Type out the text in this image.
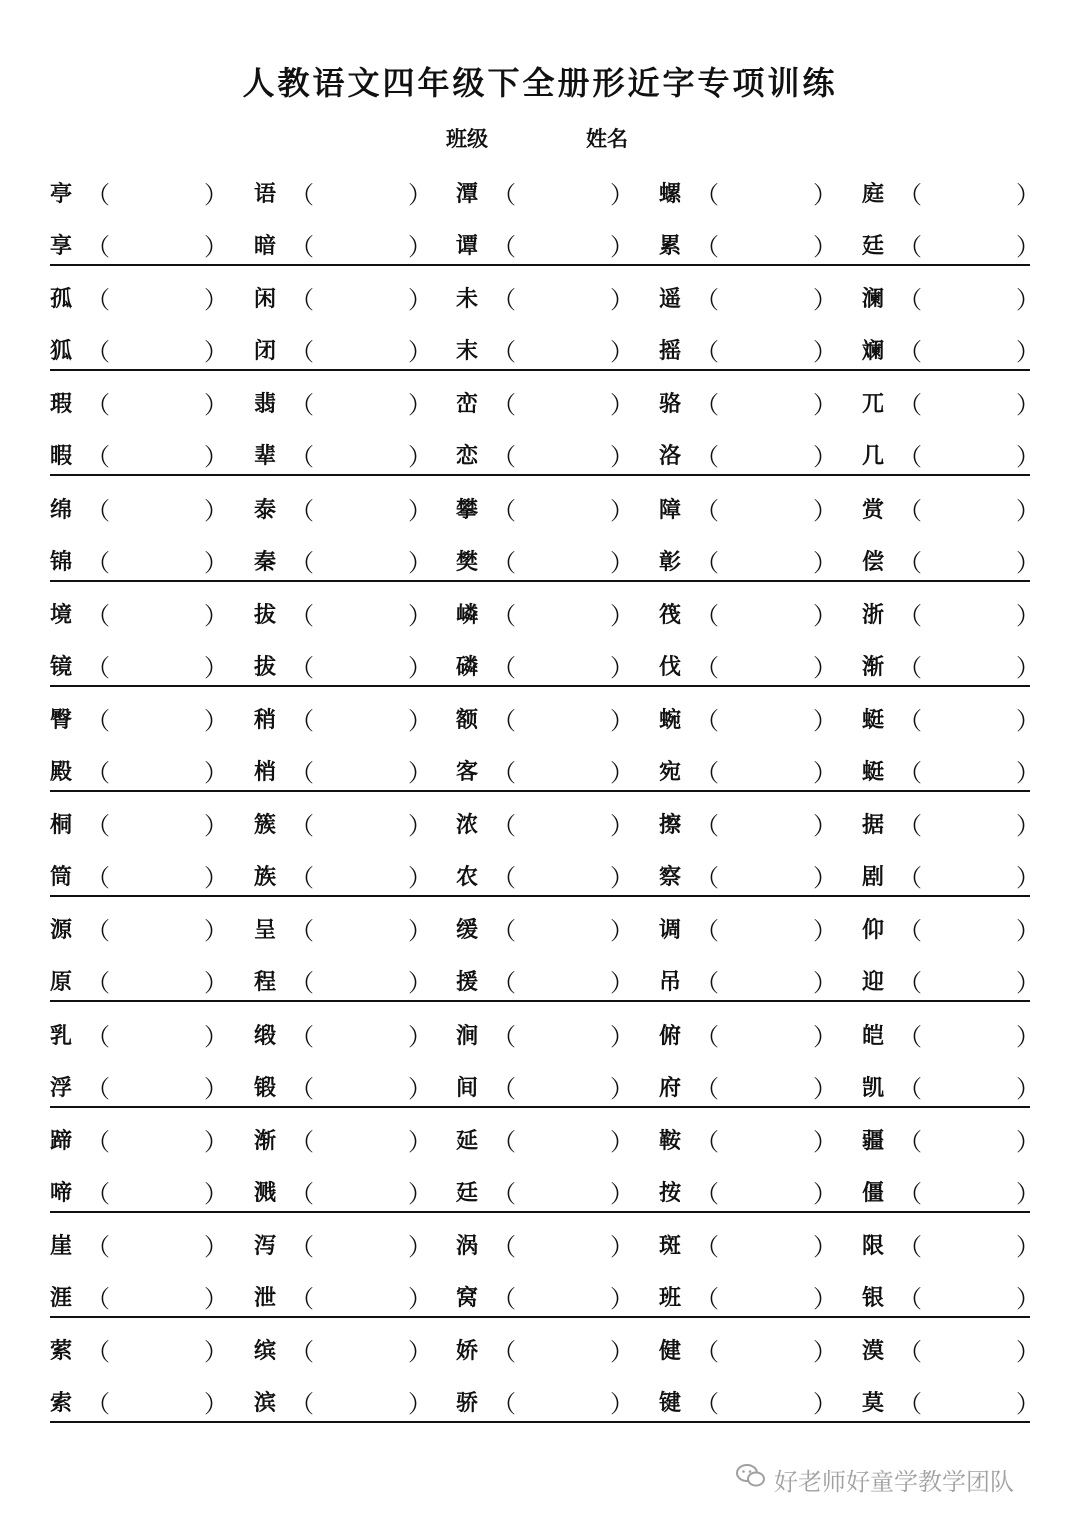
人教语文四年级下全册形近字专项训练
班级	姓名
亭 （	） 语 （	） 潭 （	） 螺 （	） 庭 （	）
享 （	） 暗 （	） 谭 （	） 累 （	） 廷 （	）
孤 （	） 闲 （	） 未 （	） 遥 （	） 澜 （	）
狐 （	） 闭 （	） 末 （	） 摇 （	） 斓 （	）
瑕 （	） 翡 （	） 峦 （	） 骆 （	） 兀 （	）
暇 （	） 辈 （	） 恋 （	） 洛 （	） 几 （	）
绵 （	） 泰 （	） 攀 （	） 障 （	） 赏 （	）
锦 （	） 秦 （	） 樊 （	） 彰 （	） 偿 （	）
境 （	） 拔 （	） 嶙 （	） 筏 （	） 浙 （	）
镜 （	） 拔 （	） 磷 （	） 伐 （	） 渐 （	）
臀 （	） 稍 （	） 额 （	） 蜿 （	） 蜓 （	）
殿 （	） 梢 （	） 客 （	） 宛 （	） 蜓 （	）
桐 （	） 簇 （	） 浓 （	） 擦 （	） 据 （	）
筒 （	） 族 （	） 农 （	） 察 （	） 剧 （	）
源 （	） 呈 （	） 缓 （	） 调 （	） 仰 （	）
原 （	） 程 （	） 援 （	） 吊 （	） 迎 （	）
乳 （	） 缎 （	） 涧 （	） 俯 （	） 皑 （	）
浮 （	） 锻 （	） 间 （	） 府 （	） 凯 （	）
蹄 （	） 渐 （	） 延 （	） 鞍 （	） 疆 （	）
啼 （	） 溅 （	） 廷 （	） 按 （	） 僵 （	）
崖 （	） 泻 （	） 涡 （	） 斑 （	） 限 （	）
涯 （	） 泄 （	） 窝 （	） 班 （	） 银 （	）
萦 （	） 缤 （	） 娇 （	） 健 （	） 漠 （	）
索 （	） 滨 （	） 骄 （	） 键 （	） 莫 （	）
好老师好童学教学团队
